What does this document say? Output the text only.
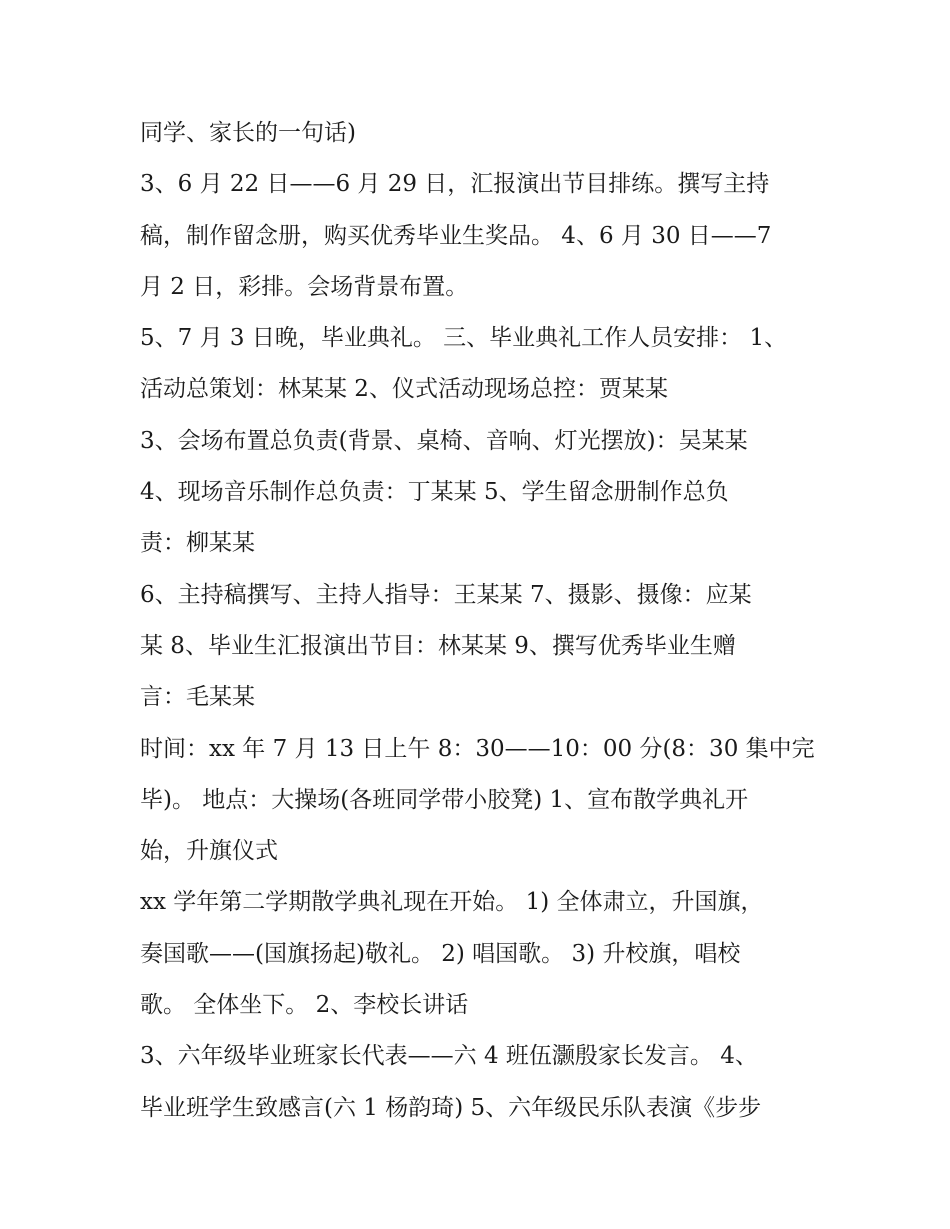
同学、家长的一句话)
3、6 月 22 日——6 月 29 日，汇报演出节目排练。撰写主持
稿，制作留念册，购买优秀毕业生奖品。 4、6 月 30 日——7
月 2 日，彩排。会场背景布置。
5、7 月 3 日晚，毕业典礼。 三、毕业典礼工作人员安排： 1、
活动总策划：林某某 2、仪式活动现场总控：贾某某
3、会场布置总负责(背景、桌椅、音响、灯光摆放)：吴某某
4、现场音乐制作总负责：丁某某 5、学生留念册制作总负
责：柳某某
6、主持稿撰写、主持人指导：王某某 7、摄影、摄像：应某
某 8、毕业生汇报演出节目：林某某 9、撰写优秀毕业生赠
言：毛某某
时间：xx 年 7 月 13 日上午 8：30——10：00 分(8：30 集中完
毕)。 地点：大操场(各班同学带小胶凳) 1、宣布散学典礼开
始，升旗仪式
xx 学年第二学期散学典礼现在开始。 1) 全体肃立，升国旗，
奏国歌——(国旗扬起)敬礼。 2) 唱国歌。 3) 升校旗，唱校
歌。 全体坐下。 2、李校长讲话
3、六年级毕业班家长代表——六 4 班伍灏殷家长发言。 4、
毕业班学生致感言(六 1 杨韵琦) 5、六年级民乐队表演《步步
